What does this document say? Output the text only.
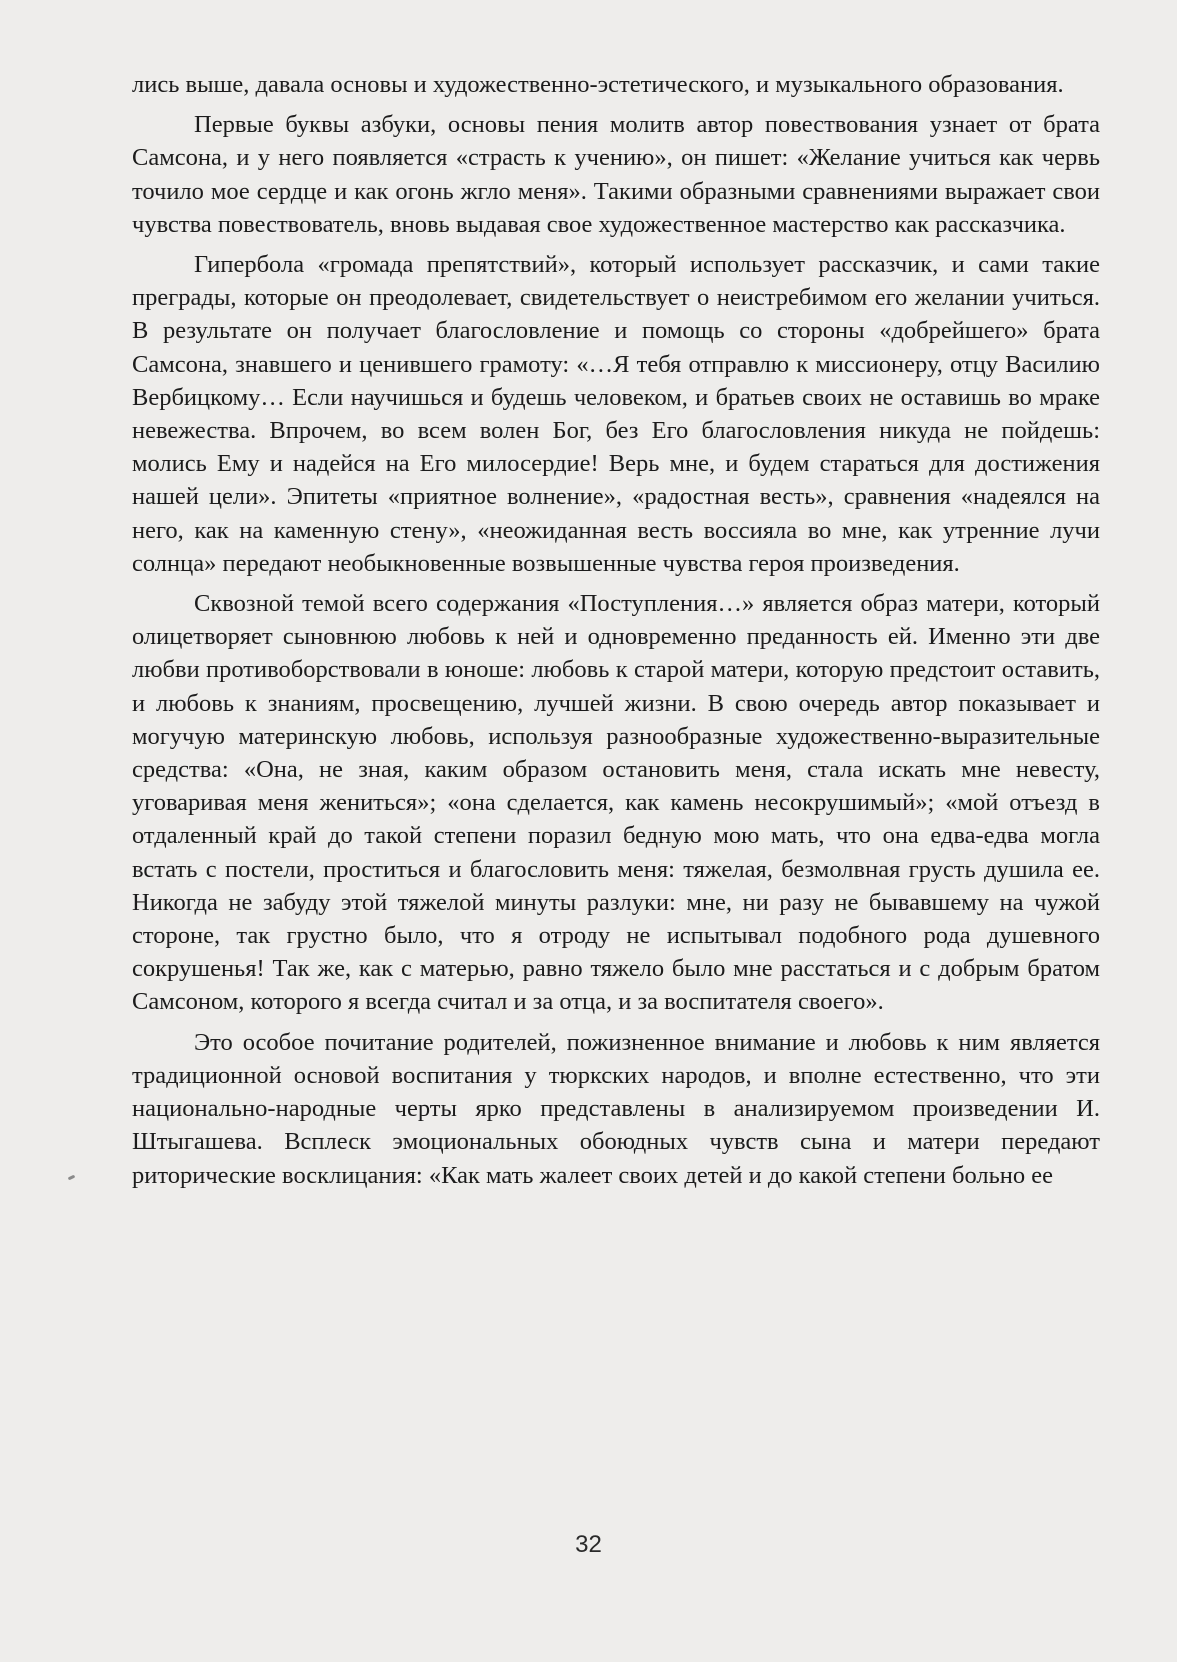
лись выше, давала основы и художественно-эстетического, и музыкального образования.

Первые буквы азбуки, основы пения молитв автор повествования узнает от брата Самсона, и у него появляется «страсть к учению», он пишет: «Желание учиться как червь точило мое сердце и как огонь жгло меня». Такими образными сравнениями выражает свои чувства повествователь, вновь выдавая свое художественное мастерство как рассказчика.

Гипербола «громада препятствий», который использует рассказчик, и сами такие преграды, которые он преодолевает, свидетельствует о неистребимом его желании учиться. В результате он получает благословление и помощь со стороны «добрейшего» брата Самсона, знавшего и ценившего грамоту: «…Я тебя отправлю к миссионеру, отцу Василию Вербицкому… Если научишься и будешь человеком, и братьев своих не оставишь во мраке невежества. Впрочем, во всем волен Бог, без Его благословления никуда не пойдешь: молись Ему и надейся на Его милосердие! Верь мне, и будем стараться для достижения нашей цели». Эпитеты «приятное волнение», «радостная весть», сравнения «надеялся на него, как на каменную стену», «неожиданная весть воссияла во мне, как утренние лучи солнца» передают необыкновенные возвышенные чувства героя произведения.

Сквозной темой всего содержания «Поступления…» является образ матери, который олицетворяет сыновнюю любовь к ней и одновременно преданность ей. Именно эти две любви противоборствовали в юноше: любовь к старой матери, которую предстоит оставить, и любовь к знаниям, просвещению, лучшей жизни. В свою очередь автор показывает и могучую материнскую любовь, используя разнообразные художественно-выразительные средства: «Она, не зная, каким образом остановить меня, стала искать мне невесту, уговаривая меня жениться»; «она сделается, как камень несокрушимый»; «мой отъезд в отдаленный край до такой степени поразил бедную мою мать, что она едва-едва могла встать с постели, проститься и благословить меня: тяжелая, безмолвная грусть душила ее. Никогда не забуду этой тяжелой минуты разлуки: мне, ни разу не бывавшему на чужой стороне, так грустно было, что я отроду не испытывал подобного рода душевного сокрушенья! Так же, как с матерью, равно тяжело было мне расстаться и с добрым братом Самсоном, которого я всегда считал и за отца, и за воспитателя своего».

Это особое почитание родителей, пожизненное внимание и любовь к ним является традиционной основой воспитания у тюркских народов, и вполне естественно, что эти национально-народные черты ярко представлены в анализируемом произведении И. Штыгашева. Всплеск эмоциональных обоюдных чувств сына и матери передают риторические восклицания: «Как мать жалеет своих детей и до какой степени больно ее

32
